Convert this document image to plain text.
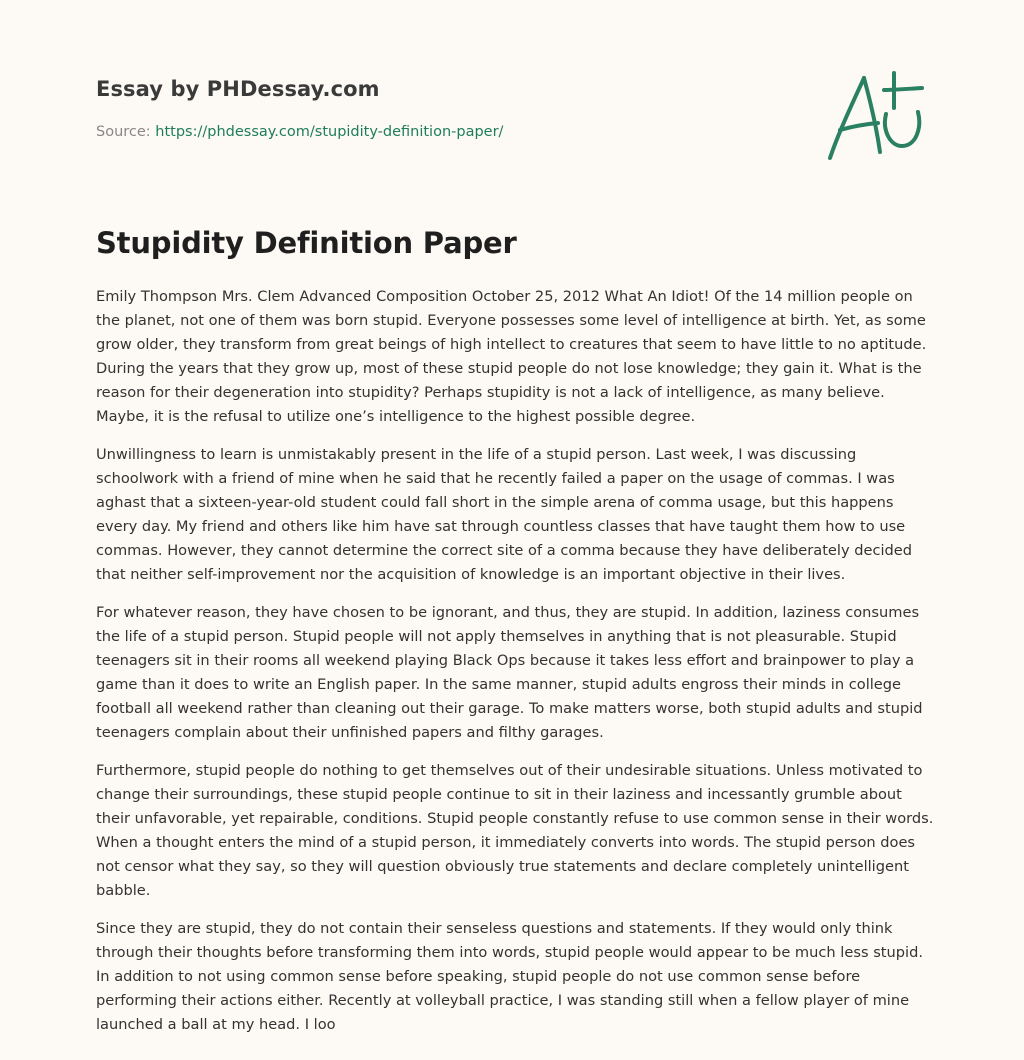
Essay by PHDessay.com
Source: https://phdessay.com/stupidity-definition-paper/
Stupidity Definition Paper

Emily Thompson Mrs. Clem Advanced Composition October 25, 2012 What An Idiot! Of the 14 million people on the planet, not one of them was born stupid. Everyone possesses some level of intelligence at birth. Yet, as some grow older, they transform from great beings of high intellect to creatures that seem to have little to no aptitude. During the years that they grow up, most of these stupid people do not lose knowledge; they gain it. What is the reason for their degeneration into stupidity? Perhaps stupidity is not a lack of intelligence, as many believe. Maybe, it is the refusal to utilize one’s intelligence to the highest possible degree.

Unwillingness to learn is unmistakably present in the life of a stupid person. Last week, I was discussing schoolwork with a friend of mine when he said that he recently failed a paper on the usage of commas. I was aghast that a sixteen-year-old student could fall short in the simple arena of comma usage, but this happens every day. My friend and others like him have sat through countless classes that have taught them how to use commas. However, they cannot determine the correct site of a comma because they have deliberately decided that neither self-improvement nor the acquisition of knowledge is an important objective in their lives.

For whatever reason, they have chosen to be ignorant, and thus, they are stupid. In addition, laziness consumes the life of a stupid person. Stupid people will not apply themselves in anything that is not pleasurable. Stupid teenagers sit in their rooms all weekend playing Black Ops because it takes less effort and brainpower to play a game than it does to write an English paper. In the same manner, stupid adults engross their minds in college football all weekend rather than cleaning out their garage. To make matters worse, both stupid adults and stupid teenagers complain about their unfinished papers and filthy garages.

Furthermore, stupid people do nothing to get themselves out of their undesirable situations. Unless motivated to change their surroundings, these stupid people continue to sit in their laziness and incessantly grumble about their unfavorable, yet repairable, conditions. Stupid people constantly refuse to use common sense in their words. When a thought enters the mind of a stupid person, it immediately converts into words. The stupid person does not censor what they say, so they will question obviously true statements and declare completely unintelligent babble.

Since they are stupid, they do not contain their senseless questions and statements. If they would only think through their thoughts before transforming them into words, stupid people would appear to be much less stupid. In addition to not using common sense before speaking, stupid people do not use common sense before performing their actions either. Recently at volleyball practice, I was standing still when a fellow player of mine launched a ball at my head. I loo
